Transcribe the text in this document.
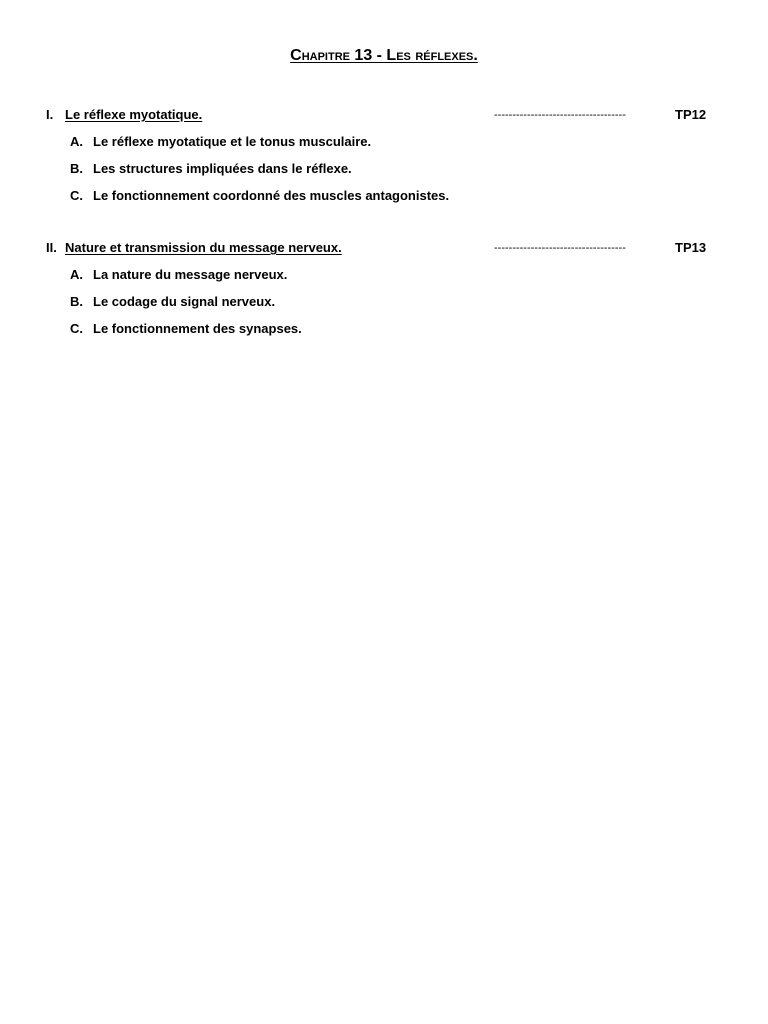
Chapitre 13 - Les réflexes.
I. Le réflexe myotatique.	------------------------------------	TP12
A. Le réflexe myotatique et le tonus musculaire.
B. Les structures impliquées dans le réflexe.
C. Le fonctionnement coordonné des muscles antagonistes.
II. Nature et transmission du message nerveux.	------------------------------------	TP13
A. La nature du message nerveux.
B. Le codage du signal nerveux.
C. Le fonctionnement des synapses.
